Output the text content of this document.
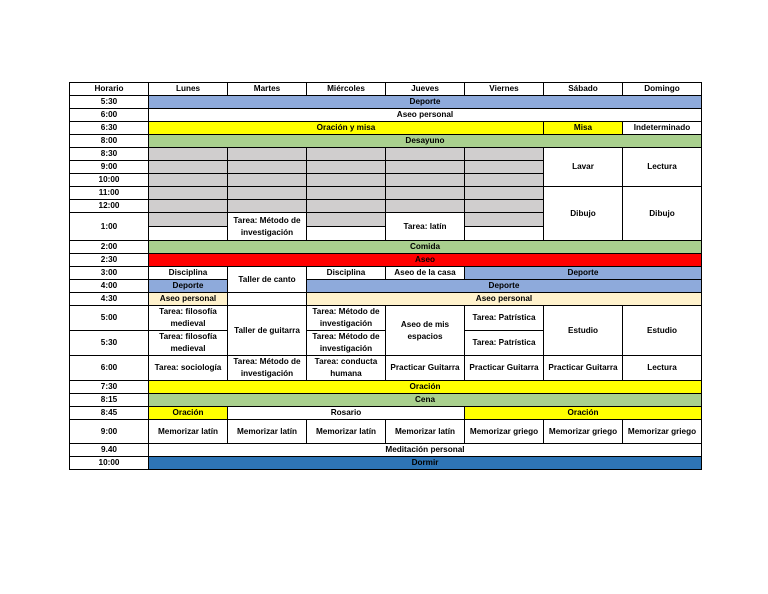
Horario	Lunes	Martes	Miércoles	Jueves	Viernes	Sábado	Domingo
5:30	Deporte						
6:00	Aseo personal						
6:30	Oración y misa					Misa	Indeterminado
8:00	Desayuno						
8:30						Lavar	Lectura
9:00							
10:00							
11:00						Dibujo	Dibujo
12:00							
1:00		Tarea: Método de investigación		Tarea: latín			

2:00	Comida						
2:30	Aseo						
3:00	Disciplina	Taller de canto	Disciplina	Aseo de la casa	Deporte		
4:00	Deporte		Deporte				
4:30	Aseo personal		Aseo personal				
5:00	Tarea: filosofía medieval	Taller de guitarra	Tarea: Método de investigación	Aseo de mis espacios	Tarea: Patrística	Estudio	Estudio
5:30	Tarea: filosofía medieval		Tarea: Método de investigación		Tarea: Patrística		
6:00	Tarea: sociología	Tarea: Método de investigación	Tarea: conducta humana	Practicar Guitarra	Practicar Guitarra	Practicar Guitarra	Lectura
7:30	Oración						
8:15	Cena						
8:45	Oración	Rosario			Oración		
9:00	Memorizar latín	Memorizar latín	Memorizar latín	Memorizar latín	Memorizar griego	Memorizar griego	Memorizar griego
9.40	Meditación personal						
10:00	Dormir						
